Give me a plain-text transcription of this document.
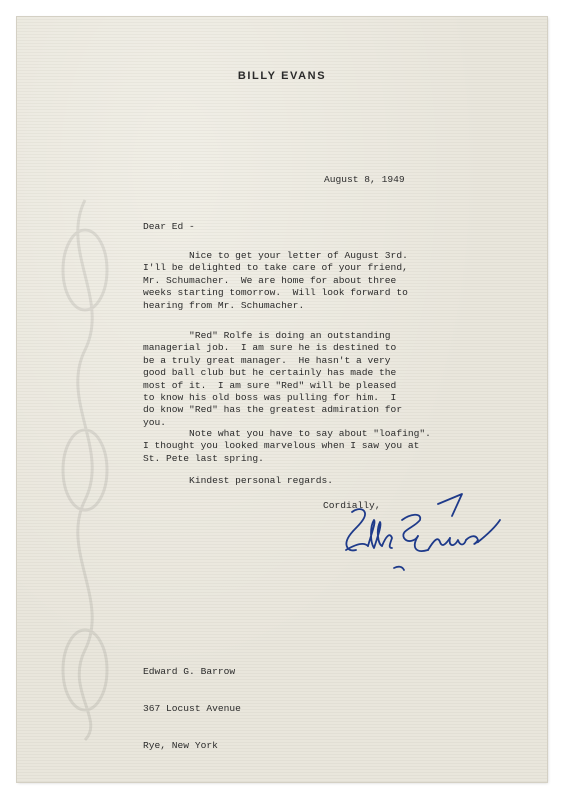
BILLY EVANS
August 8, 1949
Dear Ed -
Nice to get your letter of August 3rd.
I'll be delighted to take care of your friend,
Mr. Schumacher.  We are home for about three
weeks starting tomorrow.  Will look forward to
hearing from Mr. Schumacher.
"Red" Rolfe is doing an outstanding
managerial job.  I am sure he is destined to
be a truly great manager.  He hasn't a very
good ball club but he certainly has made the
most of it.  I am sure "Red" will be pleased
to know his old boss was pulling for him.  I
do know "Red" has the greatest admiration for
you.
Note what you have to say about "loafing".
I thought you looked marvelous when I saw you at
St. Pete last spring.
Kindest personal regards.
Cordially,

Edward G. Barrow

367 Locust Avenue

Rye, New York
